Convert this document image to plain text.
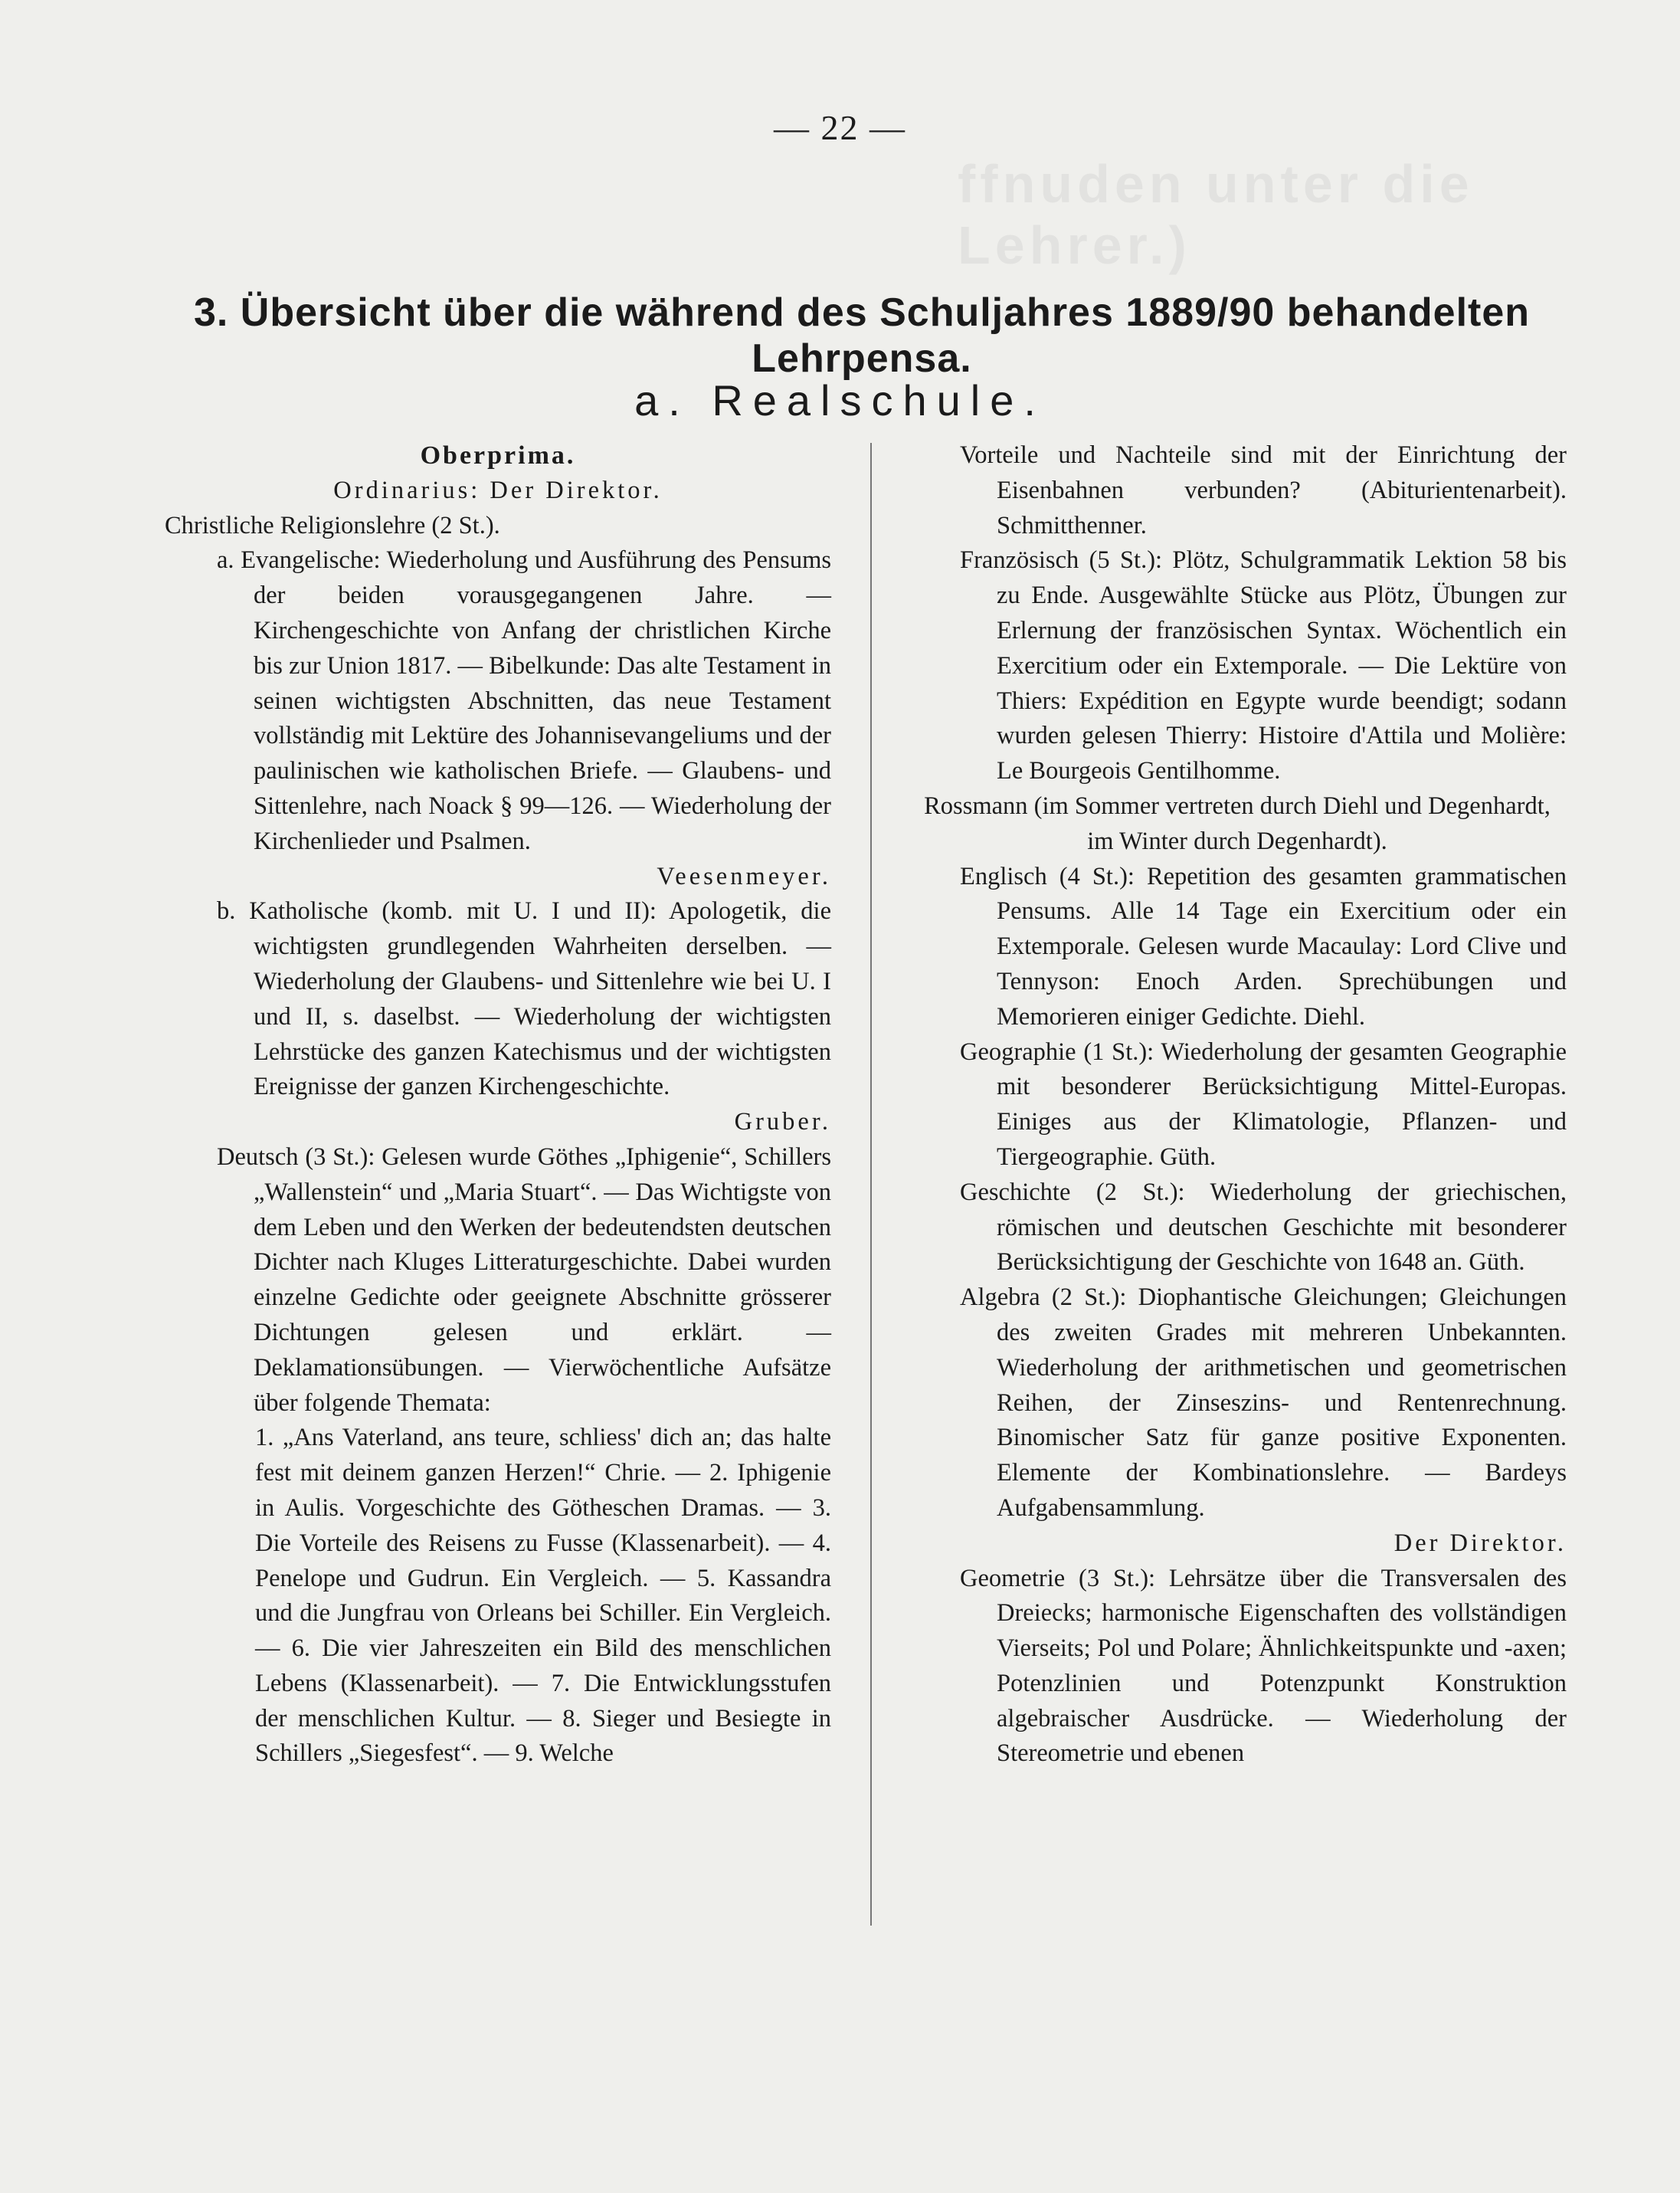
ffnuden unter die Lehrer.)
— 22 —
3. Übersicht über die während des Schuljahres 1889/90 behandelten Lehrpensa.
a. Realschule.

Oberprima.

Ordinarius: Der Direktor.

Christliche Religionslehre (2 St.).

a. Evangelische: Wiederholung und Ausführung des Pensums der beiden vorausgegangenen Jahre. — Kirchengeschichte von Anfang der christlichen Kirche bis zur Union 1817. — Bibelkunde: Das alte Testament in seinen wichtigsten Abschnitten, das neue Testament vollständig mit Lektüre des Johannisevangeliums und der paulinischen wie katholischen Briefe. — Glaubens- und Sittenlehre, nach Noack § 99—126. — Wiederholung der Kirchenlieder und Psalmen.

Veesenmeyer.

b. Katholische (komb. mit U. I und II): Apologetik, die wichtigsten grundlegenden Wahrheiten derselben. — Wiederholung der Glaubens- und Sittenlehre wie bei U. I und II, s. daselbst. — Wiederholung der wichtigsten Lehrstücke des ganzen Katechismus und der wichtigsten Ereignisse der ganzen Kirchengeschichte.

Gruber.

Deutsch (3 St.): Gelesen wurde Göthes „Iphigenie“, Schillers „Wallenstein“ und „Maria Stuart“. — Das Wichtigste von dem Leben und den Werken der bedeutendsten deutschen Dichter nach Kluges Litteraturgeschichte. Dabei wurden einzelne Gedichte oder geeignete Abschnitte grösserer Dichtungen gelesen und erklärt. — Deklamationsübungen. — Vierwöchentliche Aufsätze über folgende Themata:

1. „Ans Vaterland, ans teure, schliess' dich an; das halte fest mit deinem ganzen Herzen!“ Chrie. — 2. Iphigenie in Aulis. Vorgeschichte des Götheschen Dramas. — 3. Die Vorteile des Reisens zu Fusse (Klassenarbeit). — 4. Penelope und Gudrun. Ein Vergleich. — 5. Kassandra und die Jungfrau von Orleans bei Schiller. Ein Vergleich. — 6. Die vier Jahreszeiten ein Bild des menschlichen Lebens (Klassenarbeit). — 7. Die Entwicklungsstufen der menschlichen Kultur. — 8. Sieger und Besiegte in Schillers „Siegesfest“. — 9. Welche

Vorteile und Nachteile sind mit der Einrichtung der Eisenbahnen verbunden? (Abiturientenarbeit). Schmitthenner.

Französisch (5 St.): Plötz, Schulgrammatik Lektion 58 bis zu Ende. Ausgewählte Stücke aus Plötz, Übungen zur Erlernung der französischen Syntax. Wöchentlich ein Exercitium oder ein Extemporale. — Die Lektüre von Thiers: Expédition en Egypte wurde beendigt; sodann wurden gelesen Thierry: Histoire d'Attila und Molière: Le Bourgeois Gentilhomme.

Rossmann (im Sommer vertreten durch Diehl und Degenhardt, im Winter durch Degenhardt).

Englisch (4 St.): Repetition des gesamten grammatischen Pensums. Alle 14 Tage ein Exercitium oder ein Extemporale. Gelesen wurde Macaulay: Lord Clive und Tennyson: Enoch Arden. Sprechübungen und Memorieren einiger Gedichte. Diehl.

Geographie (1 St.): Wiederholung der gesamten Geographie mit besonderer Berücksichtigung Mittel-Europas. Einiges aus der Klimatologie, Pflanzen- und Tiergeographie. Güth.

Geschichte (2 St.): Wiederholung der griechischen, römischen und deutschen Geschichte mit besonderer Berücksichtigung der Geschichte von 1648 an. Güth.

Algebra (2 St.): Diophantische Gleichungen; Gleichungen des zweiten Grades mit mehreren Unbekannten. Wiederholung der arithmetischen und geometrischen Reihen, der Zinseszins- und Rentenrechnung. Binomischer Satz für ganze positive Exponenten. Elemente der Kombinationslehre. — Bardeys Aufgabensammlung.

Der Direktor.

Geometrie (3 St.): Lehrsätze über die Transversalen des Dreiecks; harmonische Eigenschaften des vollständigen Vierseits; Pol und Polare; Ähnlichkeitspunkte und -axen; Potenzlinien und Potenzpunkt Konstruktion algebraischer Ausdrücke. — Wiederholung der Stereometrie und ebenen
